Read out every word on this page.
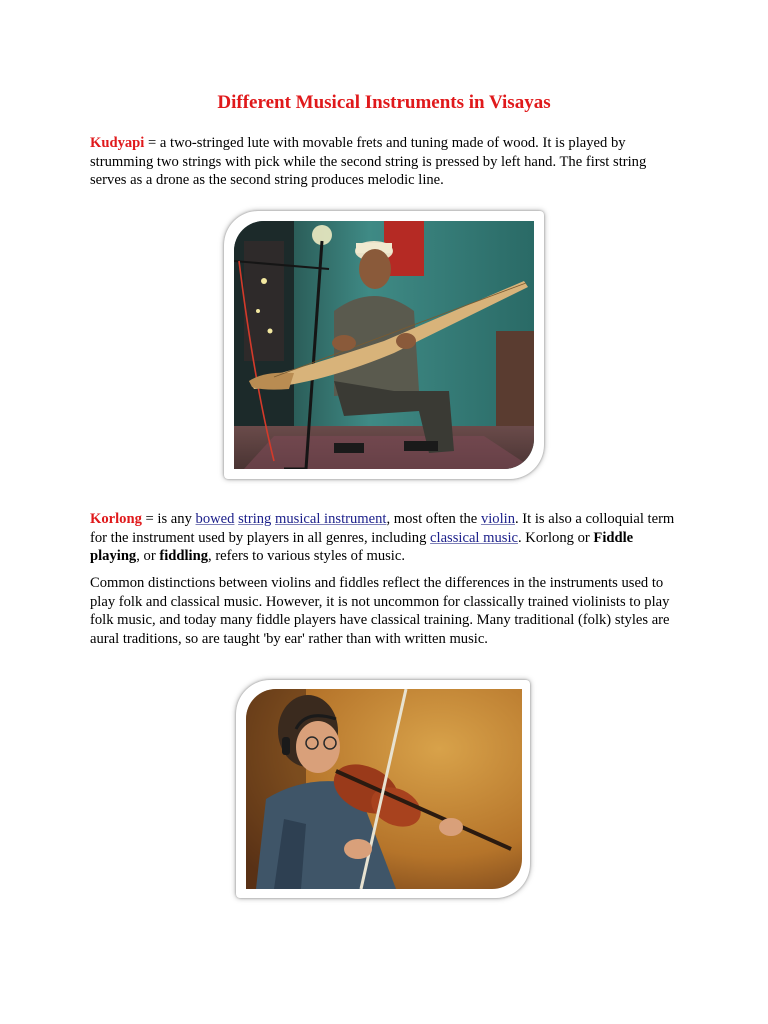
Different Musical Instruments in Visayas

Kudyapi = a two-stringed lute with movable frets and tuning made of wood. It is played by strumming two strings with pick while the second string is pressed by left hand. The first string serves as a drone as the second string produces melodic line.

Korlong = is any bowed string musical instrument, most often the violin. It is also a colloquial term for the instrument used by players in all genres, including classical music. Korlong or Fiddle playing, or fiddling, refers to various styles of music.

Common distinctions between violins and fiddles reflect the differences in the instruments used to play folk and classical music. However, it is not uncommon for classically trained violinists to play folk music, and today many fiddle players have classical training. Many traditional (folk) styles are aural traditions, so are taught 'by ear' rather than with written music.
